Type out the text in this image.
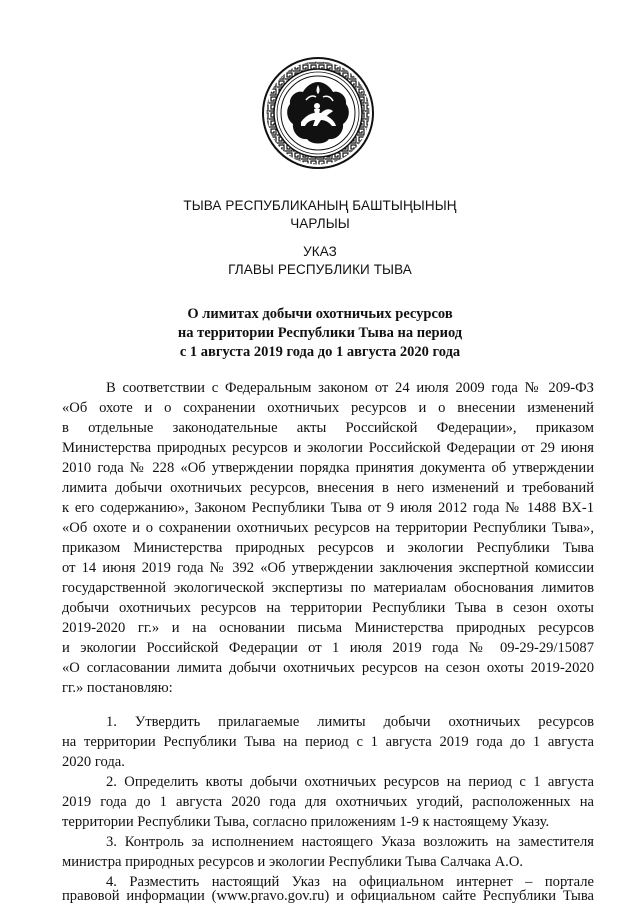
ТЫВА РЕСПУБЛИКАНЫҢ БАШТЫҢЫНЫҢ
ЧАРЛЫЫ
УКАЗ
ГЛАВЫ РЕСПУБЛИКИ ТЫВА
О лимитах добычи охотничьих ресурсов
на территории Республики Тыва на период
с 1 августа 2019 года до 1 августа 2020 года
В соответствии с Федеральным законом от 24 июля 2009 года № 209-ФЗ
«Об охоте и о сохранении охотничьих ресурсов и о внесении изменений
в отдельные законодательные акты Российской Федерации», приказом
Министерства природных ресурсов и экологии Российской Федерации от 29 июня
2010 года № 228 «Об утверждении порядка принятия документа об утверждении
лимита добычи охотничьих ресурсов, внесения в него изменений и требований
к его содержанию», Законом Республики Тыва от 9 июля 2012 года № 1488 ВХ-1
«Об охоте и о сохранении охотничьих ресурсов на территории Республики Тыва»,
приказом Министерства природных ресурсов и экологии Республики Тыва
от 14 июня 2019 года № 392 «Об утверждении заключения экспертной комиссии
государственной экологической экспертизы по материалам обоснования лимитов
добычи охотничьих ресурсов на территории Республики Тыва в сезон охоты
2019-2020 гг.» и на основании письма Министерства природных ресурсов
и экологии Российской Федерации от 1 июля 2019 года № 09-29-29/15087
«О согласовании лимита добычи охотничьих ресурсов на сезон охоты 2019-2020
гг.» постановляю:
1. Утвердить прилагаемые лимиты добычи охотничьих ресурсов
на территории Республики Тыва на период с 1 августа 2019 года до 1 августа
2020 года.
2. Определить квоты добычи охотничьих ресурсов на период с 1 августа
2019 года до 1 августа 2020 года для охотничьих угодий, расположенных на
территории Республики Тыва, согласно приложениям 1-9 к настоящему Указу.
3. Контроль за исполнением настоящего Указа возложить на заместителя
министра природных ресурсов и экологии Республики Тыва Салчака А.О.
4. Разместить настоящий Указ на официальном интернет – портале
правовой информации (www.pravo.gov.ru) и официальном сайте Республики Тыва
